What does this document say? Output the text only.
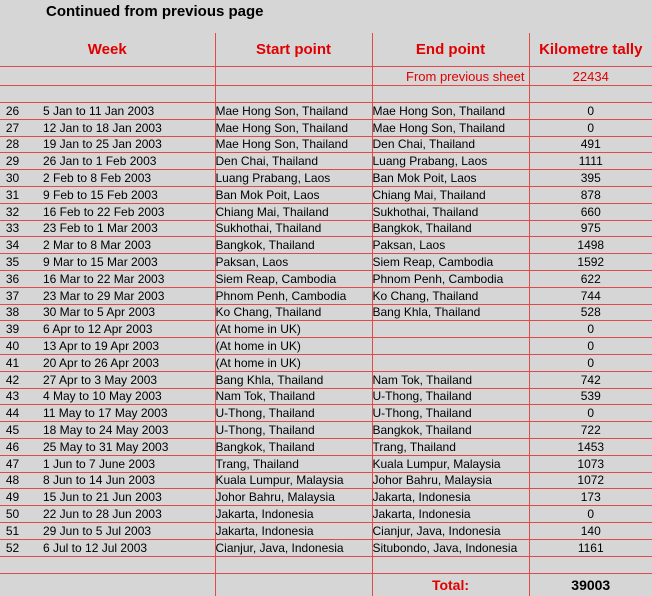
Continued from previous page
Week	Start point	End point	Kilometre tally
		From previous sheet	22434

26 5 Jan to 11 Jan 2003	Mae Hong Son, Thailand	Mae Hong Son, Thailand	0
27 12 Jan to 18 Jan 2003	Mae Hong Son, Thailand	Mae Hong Son, Thailand	0
28 19 Jan to 25 Jan 2003	Mae Hong Son, Thailand	Den Chai, Thailand	491
29 26 Jan to 1 Feb 2003	Den Chai, Thailand	Luang Prabang, Laos	1111
30 2 Feb to 8 Feb 2003	Luang Prabang, Laos	Ban Mok Poit, Laos	395
31 9 Feb to 15 Feb 2003	Ban Mok Poit, Laos	Chiang Mai, Thailand	878
32 16 Feb to 22 Feb 2003	Chiang Mai, Thailand	Sukhothai, Thailand	660
33 23 Feb to 1 Mar 2003	Sukhothai, Thailand	Bangkok, Thailand	975
34 2 Mar to 8 Mar 2003	Bangkok, Thailand	Paksan, Laos	1498
35 9 Mar to 15 Mar 2003	Paksan, Laos	Siem Reap, Cambodia	1592
36 16 Mar to 22 Mar 2003	Siem Reap, Cambodia	Phnom Penh, Cambodia	622
37 23 Mar to 29 Mar 2003	Phnom Penh, Cambodia	Ko Chang, Thailand	744
38 30 Mar to 5 Apr 2003	Ko Chang, Thailand	Bang Khla, Thailand	528
39 6 Apr to 12 Apr 2003	(At home in UK)		0
40 13 Apr to 19 Apr 2003	(At home in UK)		0
41 20 Apr to 26 Apr 2003	(At home in UK)		0
42 27 Apr to 3 May 2003	Bang Khla, Thailand	Nam Tok, Thailand	742
43 4 May to 10 May 2003	Nam Tok, Thailand	U-Thong, Thailand	539
44 11 May to 17 May 2003	U-Thong, Thailand	U-Thong, Thailand	0
45 18 May to 24 May 2003	U-Thong, Thailand	Bangkok, Thailand	722
46 25 May to 31 May 2003	Bangkok, Thailand	Trang, Thailand	1453
47 1 Jun to 7 June 2003	Trang, Thailand	Kuala Lumpur, Malaysia	1073
48 8 Jun to 14 Jun 2003	Kuala Lumpur, Malaysia	Johor Bahru, Malaysia	1072
49 15 Jun to 21 Jun 2003	Johor Bahru, Malaysia	Jakarta, Indonesia	173
50 22 Jun to 28 Jun 2003	Jakarta, Indonesia	Jakarta, Indonesia	0
51 29 Jun to 5 Jul 2003	Jakarta, Indonesia	Cianjur, Java, Indonesia	140
52 6 Jul to 12 Jul 2003	Cianjur, Java, Indonesia	Situbondo, Java, Indonesia	1161

		Total:	39003
